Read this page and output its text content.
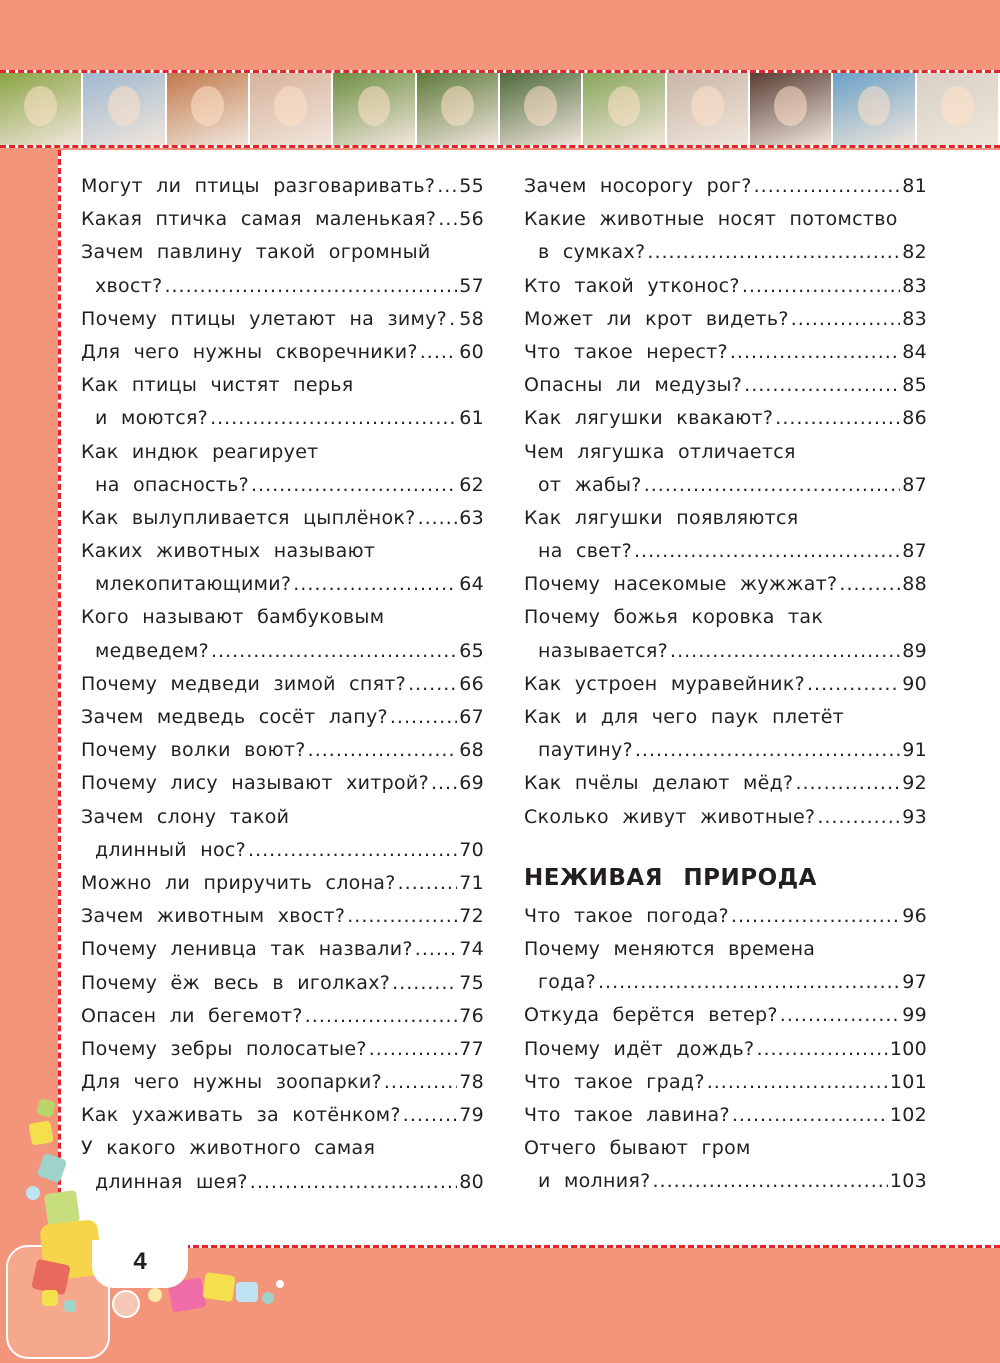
Могут ли птицы разговаривать? ..... 55
Какая птичка самая маленькая? ..... 56
Зачем павлину такой огромный
хвост? .....	57
Почему птицы улетают на зиму? ..... 58
Для чего нужны скворечники? ..... 60
Как птицы чистят перья
и моются? .....	61
Как индюк реагирует
на опасность? .....	62
Как вылупливается цыплёнок? ..... 63
Каких животных называют
млекопитающими? .....	64
Кого называют бамбуковым
медведем? .....	65
Почему медведи зимой спят? .....	66
Зачем медведь сосёт лапу? .....	67
Почему волки воют? .....	68
Почему лису называют хитрой? ..... 69
Зачем слону такой
длинный нос? .....	70
Можно ли приручить слона? .....	71
Зачем животным хвост? .....	72
Почему ленивца так назвали? ..... 74
Почему ёж весь в иголках? .....	75
Опасен ли бегемот? .....	76
Почему зебры полосатые? .....	77
Для чего нужны зоопарки? .....	78
Как ухаживать за котёнком? .....	79
У какого животного самая
длинная шея? .....	80
Зачем носорогу рог? .....	81
Какие животные носят потомство
в сумках? .....	82
Кто такой утконос? .....	83
Может ли крот видеть? .....	83
Что такое нерест? .....	84
Опасны ли медузы? .....	85
Как лягушки квакают? .....	86
Чем лягушка отличается
от жабы? .....	87
Как лягушки появляются
на свет? .....	87
Почему насекомые жужжат? .....	88
Почему божья коровка так
называется? .....	89
Как устроен муравейник? .....	90
Как и для чего паук плетёт
паутину? .....	91
Как пчёлы делают мёд? .....	92
Сколько живут животные? .....	93
НЕЖИВАЯ ПРИРОДА
Что такое погода? .....	96
Почему меняются времена
года? .....	97
Откуда берётся ветер? .....	99
Почему идёт дождь? .....	100
Что такое град? .....	101
Что такое лавина? .....	102
Отчего бывают гром
и молния? .....	103
4
